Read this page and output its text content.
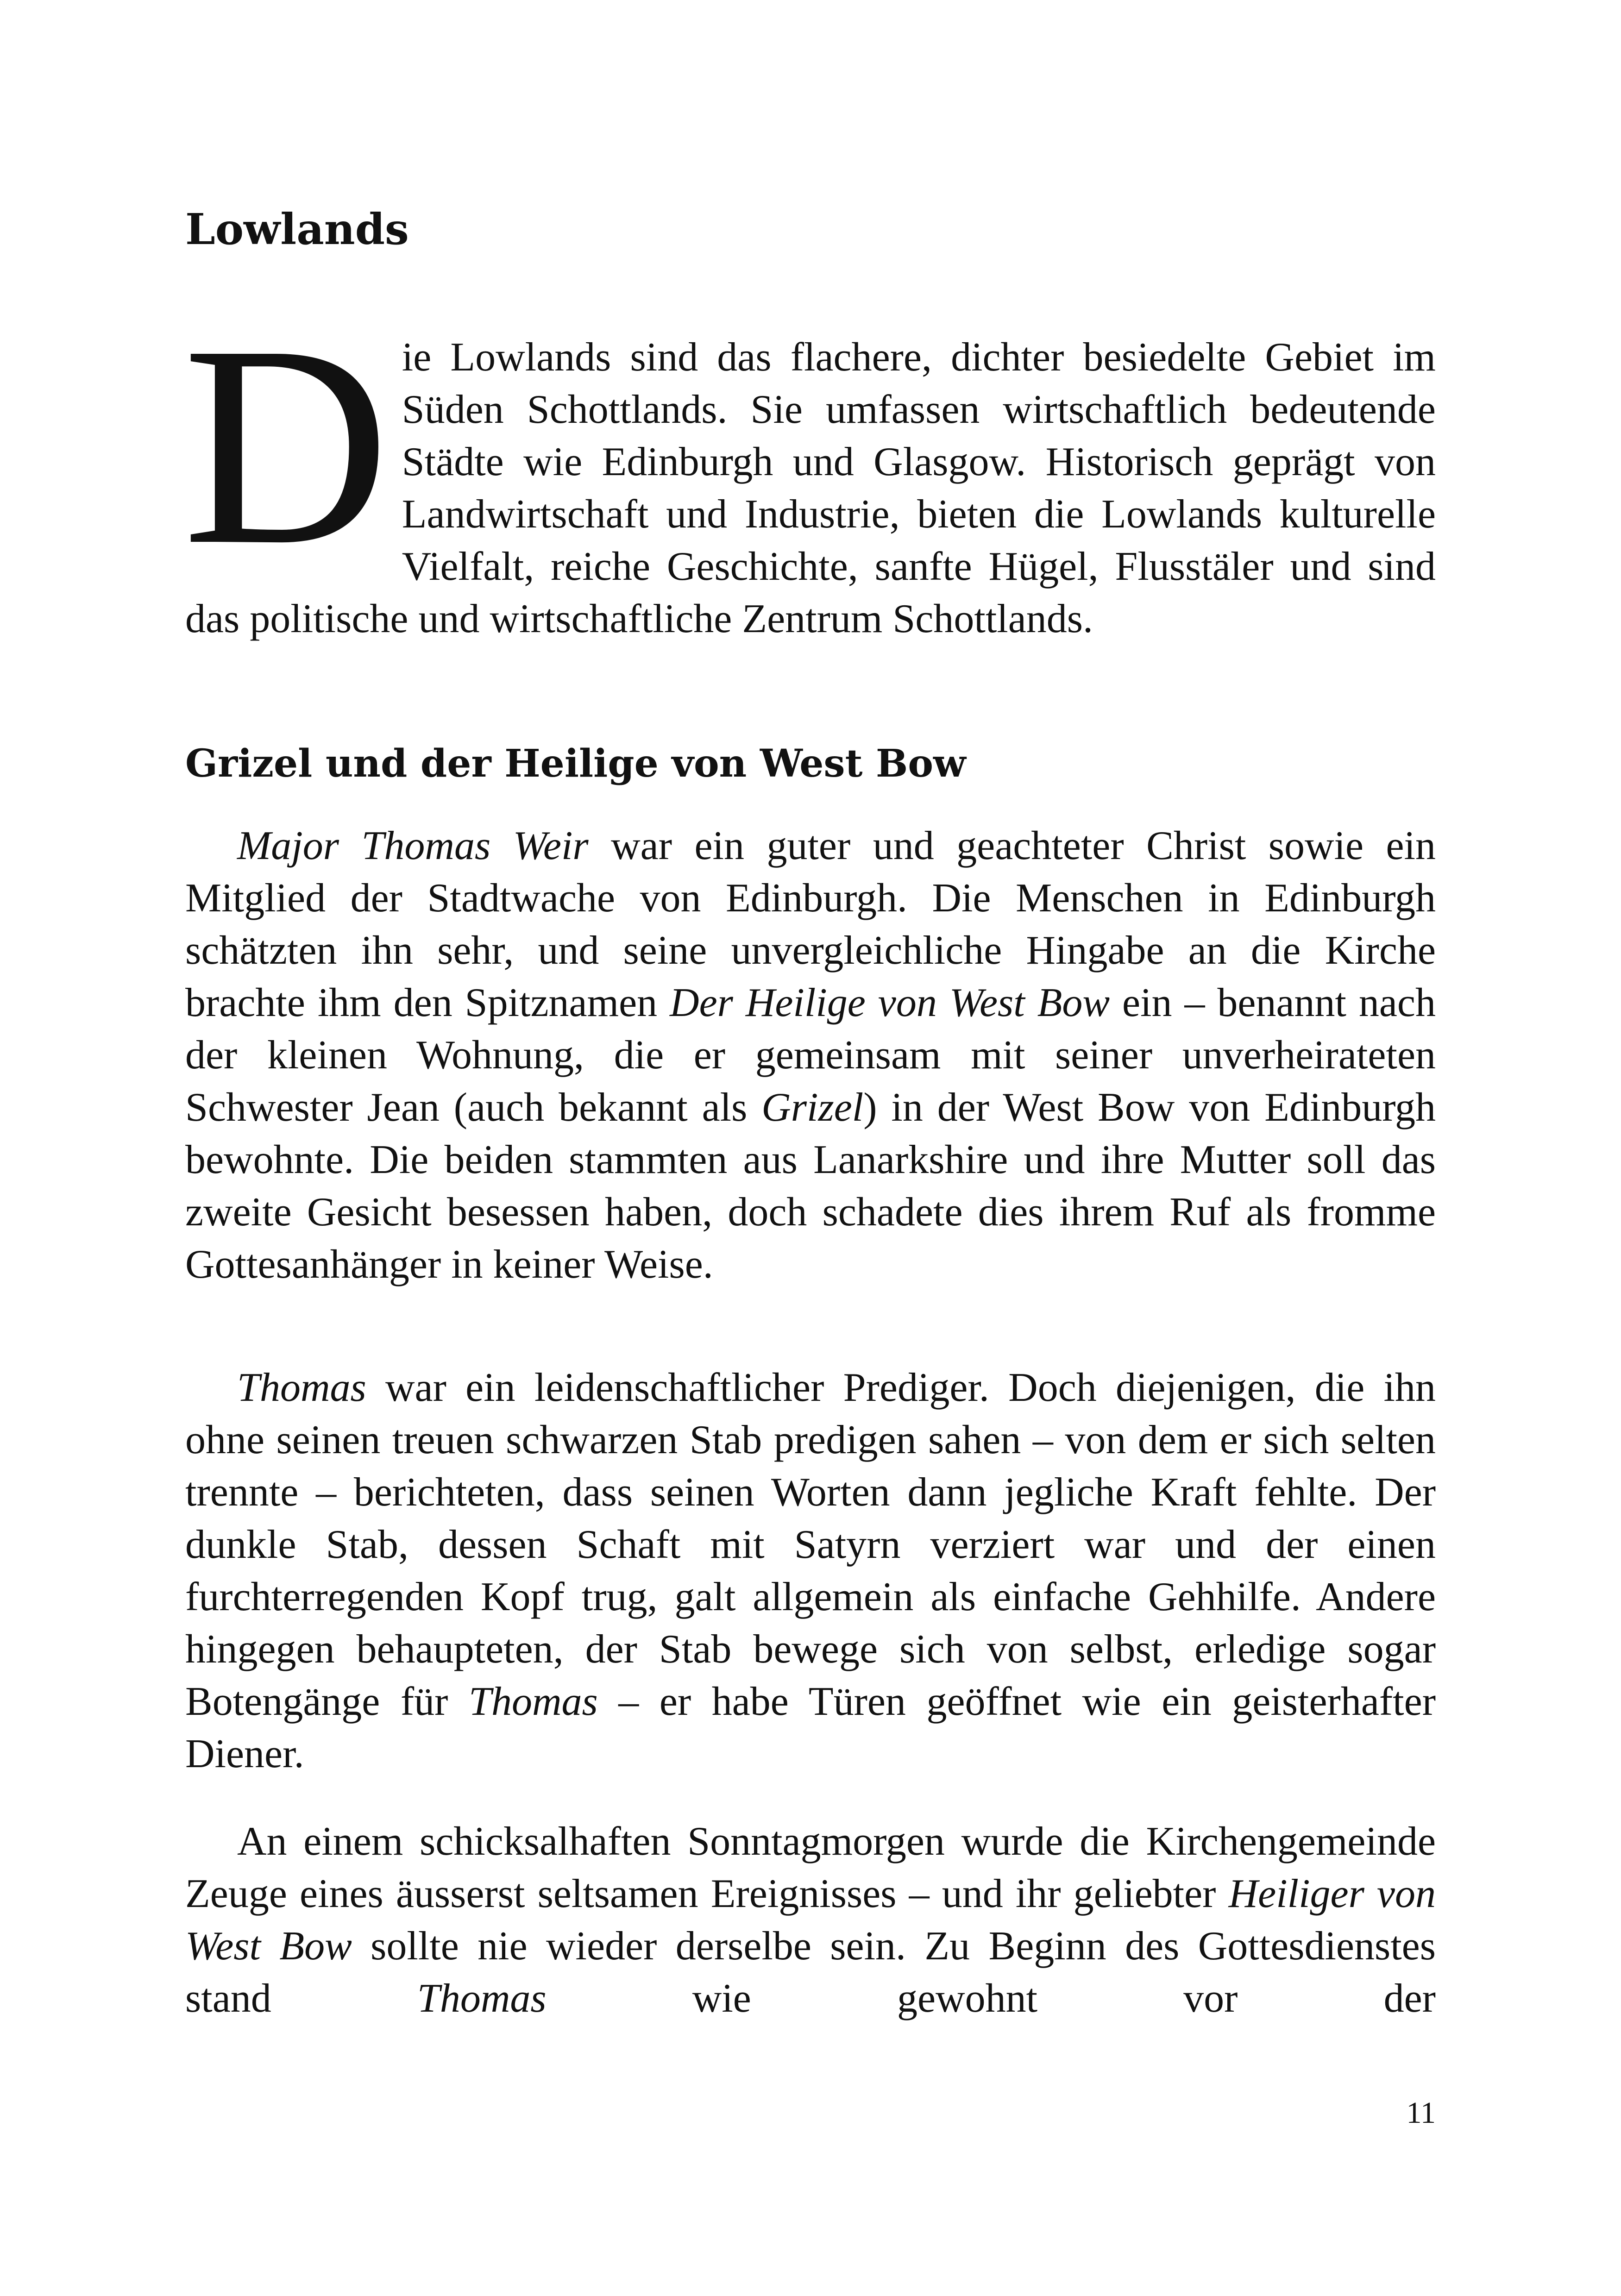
Lowlands

Die Lowlands sind das flachere, dichter besiedelte Gebiet im Süden Schottlands. Sie umfassen wirtschaftlich bedeutende Städte wie Edinburgh und Glasgow. Historisch geprägt von Landwirtschaft und Industrie, bieten die Lowlands kulturelle Vielfalt, reiche Geschichte, sanfte Hügel, Flusstäler und sind das politische und wirtschaftliche Zentrum Schottlands.

Grizel und der Heilige von West Bow

Major Thomas Weir war ein guter und geachteter Christ sowie ein Mitglied der Stadtwache von Edinburgh. Die Menschen in Edinburgh schätzten ihn sehr, und seine unvergleichliche Hingabe an die Kirche brachte ihm den Spitznamen Der Heilige von West Bow ein – benannt nach der kleinen Wohnung, die er gemeinsam mit seiner unverheirateten Schwester Jean (auch bekannt als Grizel) in der West Bow von Edinburgh bewohnte. Die beiden stammten aus Lanarkshire und ihre Mutter soll das zweite Gesicht besessen haben, doch schadete dies ihrem Ruf als fromme Gottesanhänger in keiner Weise.

Thomas war ein leidenschaftlicher Prediger. Doch diejenigen, die ihn ohne seinen treuen schwarzen Stab predigen sahen – von dem er sich selten trennte – berichteten, dass seinen Worten dann jegliche Kraft fehlte. Der dunkle Stab, dessen Schaft mit Satyrn verziert war und der einen furchterregenden Kopf trug, galt allgemein als einfache Gehhilfe. Andere hingegen behaupteten, der Stab bewege sich von selbst, erledige sogar Botengänge für Thomas – er habe Türen geöffnet wie ein geisterhafter Diener.

An einem schicksalhaften Sonntagmorgen wurde die Kirchengemeinde Zeuge eines äusserst seltsamen Ereignisses – und ihr geliebter Heiliger von West Bow sollte nie wieder derselbe sein. Zu Beginn des Gottesdienstes stand Thomas wie gewohnt vor der

11
